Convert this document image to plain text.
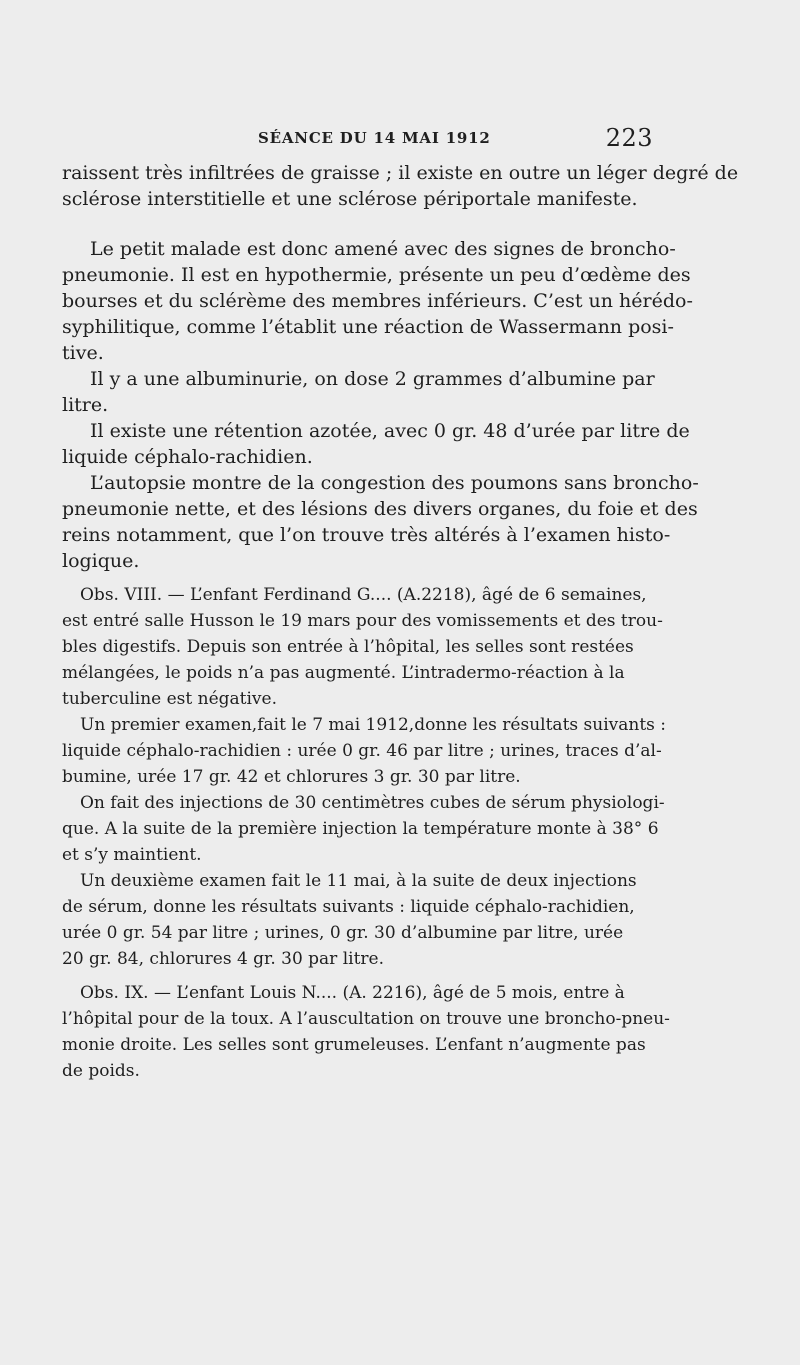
SÉANCE DU 14 MAI 1912	223
raissent très infiltrées de graisse ; il existe en outre un léger degré de
sclérose interstitielle et une sclérose périportale manifeste.
Le petit malade est donc amené avec des signes de broncho-
pneumonie. Il est en hypothermie, présente un peu d’œdème des
bourses et du sclérème des membres inférieurs. C’est un hérédo-
syphilitique, comme l’établit une réaction de Wassermann posi-
tive.
Il y a une albuminurie, on dose 2 grammes d’albumine par
litre.
Il existe une rétention azotée, avec 0 gr. 48 d’urée par litre de
liquide céphalo-rachidien.
L’autopsie montre de la congestion des poumons sans broncho-
pneumonie nette, et des lésions des divers organes, du foie et des
reins notamment, que l’on trouve très altérés à l’examen histo-
logique.
Obs. VIII. — L’enfant Ferdinand G.... (A.2218), âgé de 6 semaines,
est entré salle Husson le 19 mars pour des vomissements et des trou-
bles digestifs. Depuis son entrée à l’hôpital, les selles sont restées
mélangées, le poids n’a pas augmenté. L’intradermo-réaction à la
tuberculine est négative.
Un premier examen,fait le 7 mai 1912,donne les résultats suivants :
liquide céphalo-rachidien : urée 0 gr. 46 par litre ; urines, traces d’al-
bumine, urée 17 gr. 42 et chlorures 3 gr. 30 par litre.
On fait des injections de 30 centimètres cubes de sérum physiologi-
que. A la suite de la première injection la température monte à 38° 6
et s’y maintient.
Un deuxième examen fait le 11 mai, à la suite de deux injections
de sérum, donne les résultats suivants : liquide céphalo-rachidien,
urée 0 gr. 54 par litre ; urines, 0 gr. 30 d’albumine par litre, urée
20 gr. 84, chlorures 4 gr. 30 par litre.
Obs. IX. — L’enfant Louis N.... (A. 2216), âgé de 5 mois, entre à
l’hôpital pour de la toux. A l’auscultation on trouve une broncho-pneu-
monie droite. Les selles sont grumeleuses. L’enfant n’augmente pas
de poids.
